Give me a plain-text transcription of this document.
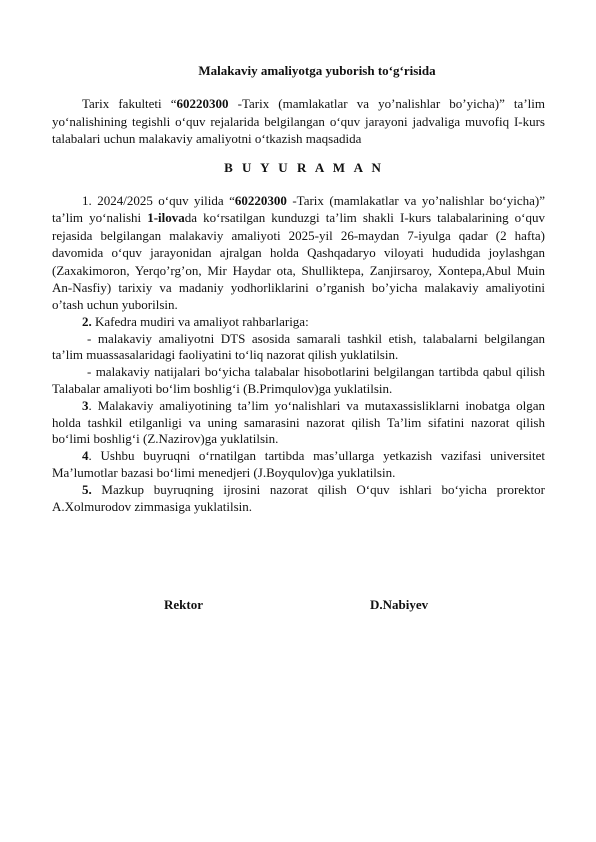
Malakaviy amaliyotga yuborish to‘g‘risida

Tarix fakulteti “60220300 -Tarix (mamlakatlar va yo’nalishlar bo’yicha)” ta’lim yo‘nalishining tegishli o‘quv rejalarida belgilangan o‘quv jarayoni jadvaliga muvofiq I-kurs talabalari uchun malakaviy amaliyotni o‘tkazish maqsadida

B U Y U R A M A N

1. 2024/2025 o‘quv yilida “60220300 -Tarix (mamlakatlar va yo’nalishlar bo‘yicha)” ta’lim yo‘nalishi 1-ilovada ko‘rsatilgan kunduzgi ta’lim shakli I-kurs talabalarining o‘quv rejasida belgilangan malakaviy amaliyoti 2025-yil 26-maydan 7-iyulga qadar (2 hafta) davomida o‘quv jarayonidan ajralgan holda Qashqadaryo viloyati hududida joylashgan (Zaxakimoron, Yerqo’rg’on, Mir Haydar ota, Shulliktepa, Zanjirsaroy, Xontepa,Abul Muin An-Nasfiy) tarixiy va madaniy yodhorliklarini o’rganish bo’yicha malakaviy amaliyotini o’tash uchun yuborilsin.

2. Kafedra mudiri va amaliyot rahbarlariga:

- malakaviy amaliyotni DTS asosida samarali tashkil etish, talabalarni belgilangan ta’lim muassasalaridagi faoliyatini to‘liq nazorat qilish yuklatilsin.

- malakaviy natijalari bo‘yicha talabalar hisobotlarini belgilangan tartibda qabul qilish Talabalar amaliyoti bo‘lim boshlig‘i (B.Primqulov)ga yuklatilsin.

3. Malakaviy amaliyotining ta’lim yo‘nalishlari va mutaxassisliklarni inobatga olgan holda tashkil etilganligi va uning samarasini nazorat qilish Ta’lim sifatini nazorat qilish bo‘limi boshlig‘i (Z.Nazirov)ga yuklatilsin.

4. Ushbu buyruqni o‘rnatilgan tartibda mas’ullarga yetkazish vazifasi universitet Ma’lumotlar bazasi bo‘limi menedjeri (J.Boyqulov)ga yuklatilsin.

5. Mazkup buyruqning ijrosini nazorat qilish O‘quv ishlari bo‘yicha prorektor A.Xolmurodov zimmasiga yuklatilsin.

Rektor	D.Nabiyev
